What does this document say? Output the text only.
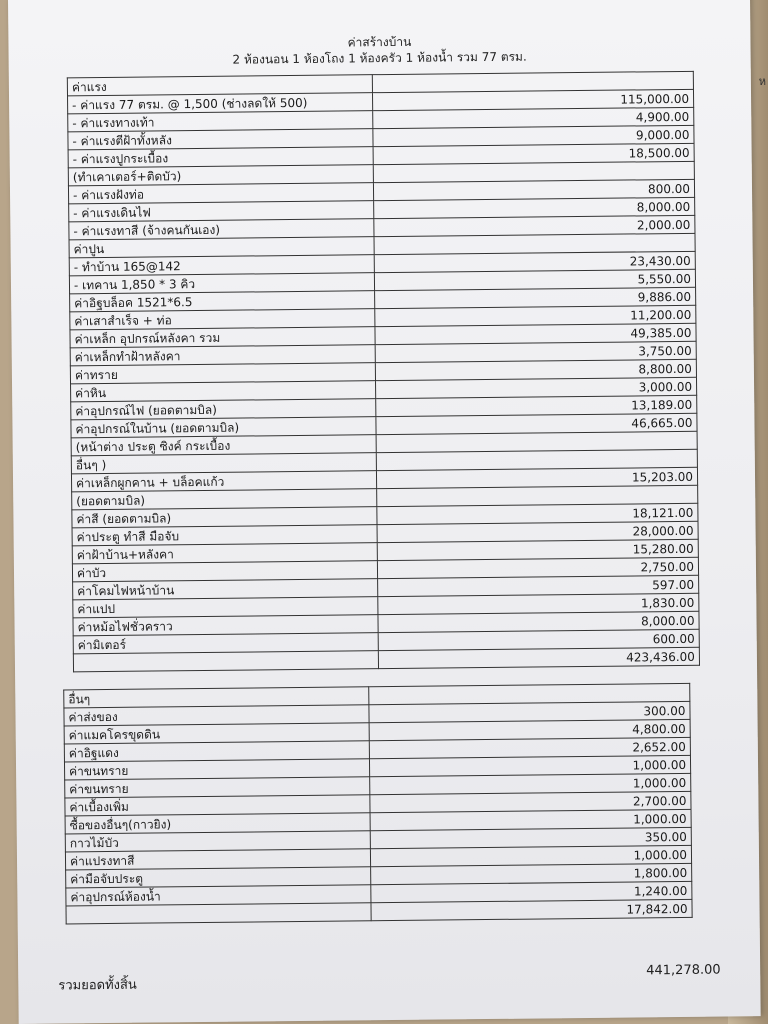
ห
ค่าสร้างบ้าน
2 ห้องนอน 1 ห้องโถง 1 ห้องครัว 1 ห้องน้ำ รวม 77 ตรม.
ค่าแรง	
- ค่าแรง 77 ตรม. @ 1,500 (ช่างลดให้ 500)	115,000.00
- ค่าแรงทางเท้า	4,900.00
- ค่าแรงตีฝ้าทั้งหลัง	9,000.00
- ค่าแรงปูกระเบื้อง	18,500.00
(ทำเคาเตอร์+ติดบัว)	
- ค่าแรงฝังท่อ	800.00
- ค่าแรงเดินไฟ	8,000.00
- ค่าแรงทาสี (จ้างคนกันเอง)	2,000.00
ค่าปูน	
- ทำบ้าน 165@142	23,430.00
- เทคาน 1,850 * 3 คิว	5,550.00
ค่าอิฐบล็อค 1521*6.5	9,886.00
ค่าเสาสำเร็จ + ท่อ	11,200.00
ค่าเหล็ก อุปกรณ์หลังคา รวม	49,385.00
ค่าเหล็กทำฝ้าหลังคา	3,750.00
ค่าทราย	8,800.00
ค่าหิน	3,000.00
ค่าอุปกรณ์ไฟ (ยอดตามบิล)	13,189.00
ค่าอุปกรณ์ในบ้าน (ยอดตามบิล)	46,665.00
(หน้าต่าง ประตู ซิงค์ กระเบื้อง	
อื่นๆ )	
ค่าเหล็กผูกคาน + บล็อคแก้ว	15,203.00
(ยอดตามบิล)	
ค่าสี (ยอดตามบิล)	18,121.00
ค่าประตู ทำสี มือจับ	28,000.00
ค่าฝ้าบ้าน+หลังคา	15,280.00
ค่าบัว	2,750.00
ค่าโคมไฟหน้าบ้าน	597.00
ค่าแปป	1,830.00
ค่าหม้อไฟชั่วคราว	8,000.00
ค่ามิเตอร์	600.00
	423,436.00
อื่นๆ	
ค่าส่งของ	300.00
ค่าแมคโครขุดดิน	4,800.00
ค่าอิฐแดง	2,652.00
ค่าขนทราย	1,000.00
ค่าขนทราย	1,000.00
ค่าเบื้องเพิ่ม	2,700.00
ซื้อของอื่นๆ(กาวยิง)	1,000.00
กาวไม้บัว	350.00
ค่าแปรงทาสี	1,000.00
ค่ามือจับประตู	1,800.00
ค่าอุปกรณ์ห้องน้ำ	1,240.00
	17,842.00
รวมยอดทั้งสิ้น
441,278.00
